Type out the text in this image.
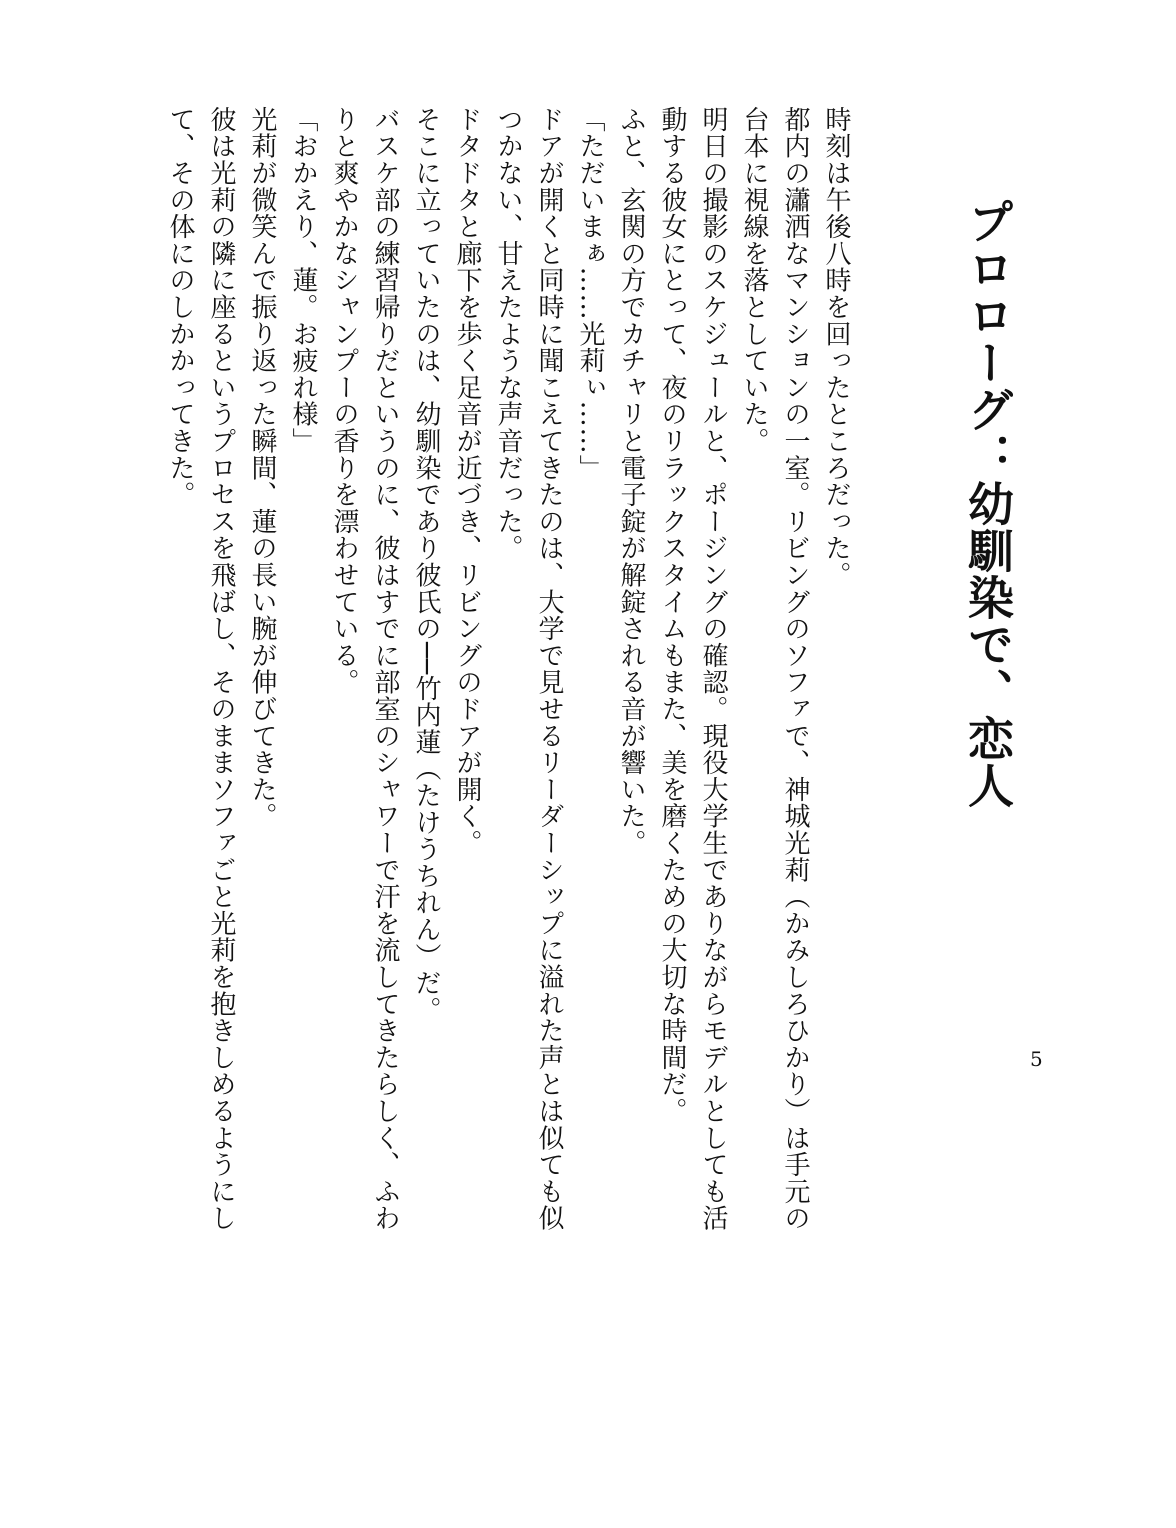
プロローグ：幼馴染で、恋人

時刻は午後八時を回ったところだった。

都内の瀟洒なマンションの一室。リビングのソファで、神城光莉（かみしろひかり）は手元の台本に視線を落としていた。

明日の撮影のスケジュールと、ポージングの確認。現役大学生でありながらモデルとしても活動する彼女にとって、夜のリラックスタイムもまた、美を磨くための大切な時間だ。

ふと、玄関の方でカチャリと電子錠が解錠される音が響いた。

「ただいまぁ……光莉ぃ……」

ドアが開くと同時に聞こえてきたのは、大学で見せるリーダーシップに溢れた声とは似ても似つかない、甘えたような声音だった。

ドタドタと廊下を歩く足音が近づき、リビングのドアが開く。

そこに立っていたのは、幼馴染であり彼氏の──竹内蓮（たけうちれん）だ。

バスケ部の練習帰りだというのに、彼はすでに部室のシャワーで汗を流してきたらしく、ふわりと爽やかなシャンプーの香りを漂わせている。

「おかえり、蓮。お疲れ様」

光莉が微笑んで振り返った瞬間、蓮の長い腕が伸びてきた。

彼は光莉の隣に座るというプロセスを飛ばし、そのままソファごと光莉を抱きしめるようにして、その体にのしかかってきた。

5
